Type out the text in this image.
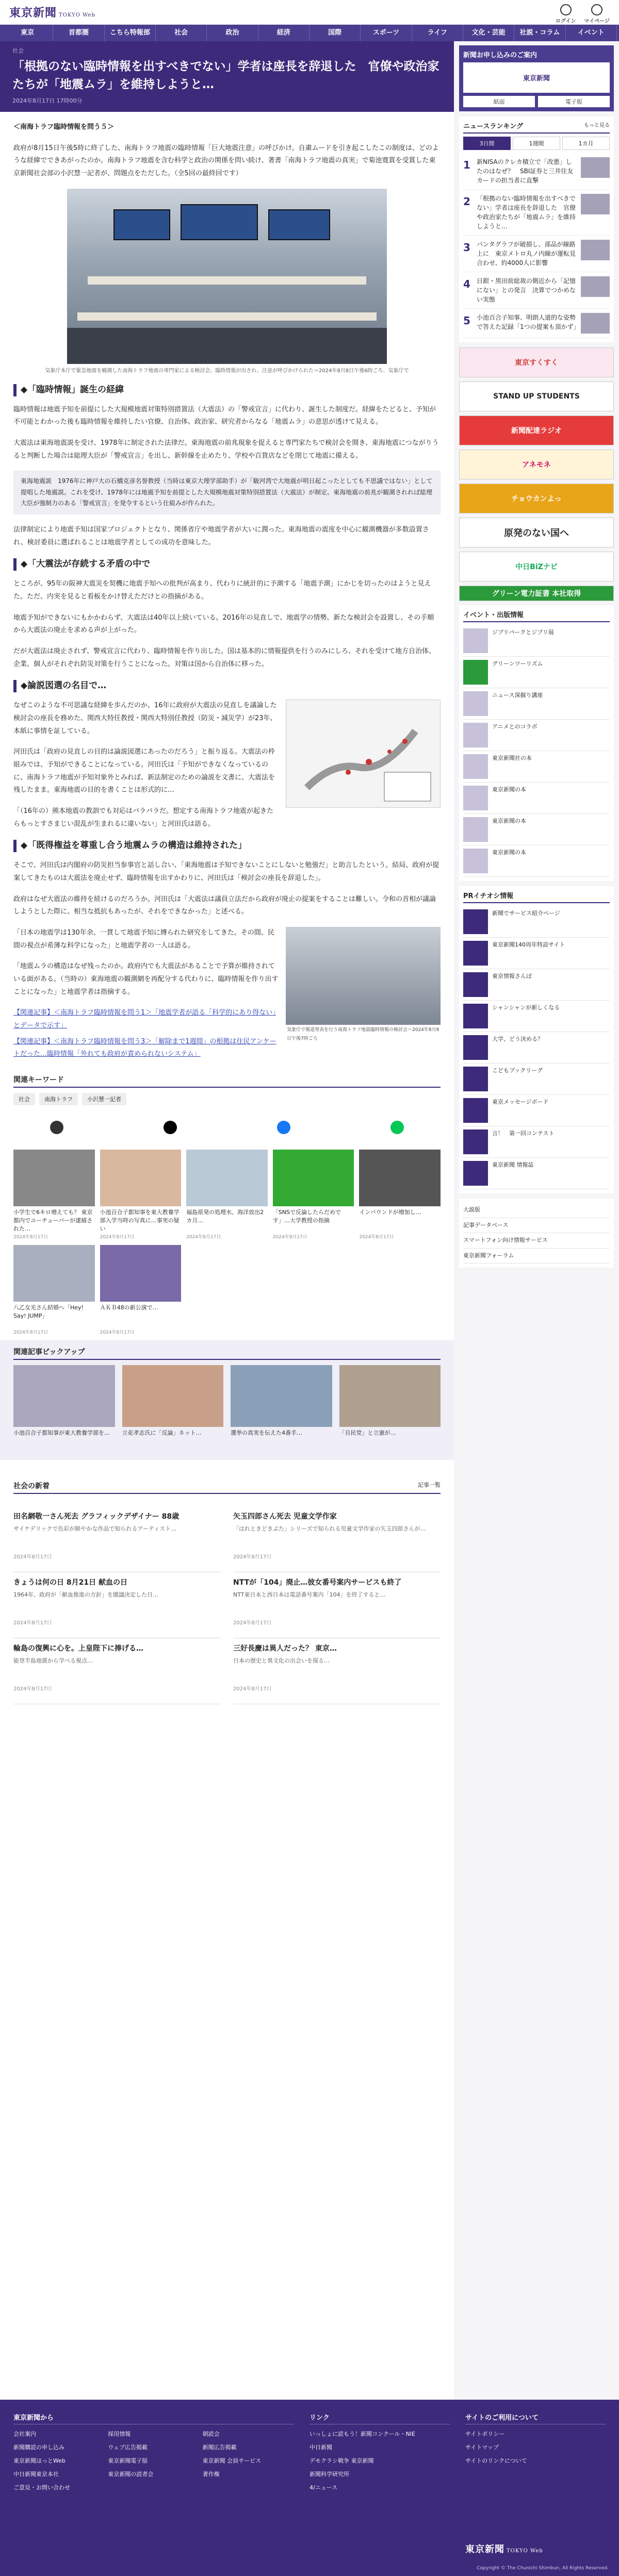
東京新聞 TOKYO Web
ログイン マイページ
東京	首都圏	こちら特報部	社会	政治	経済	国際	スポーツ	ライフ	文化・芸能	社説・コラム	イベント
社会
「根拠のない臨時情報を出すべきでない」学者は座長を辞退した　官僚や政治家たちが「地震ムラ」を維持しようと…
2024年8月17日 17時00分

＜南海トラフ臨時情報を問う５＞

政府が8月15日午後5時に終了した、南海トラフ地震の臨時情報「巨大地震注意」の呼びかけ。自粛ムードを引き起こしたこの制度は、どのような経緯でできあがったのか。南海トラフ地震を含む科学と政治の関係を問い続け、著書「南海トラフ地震の真実」で菊池寛賞を受賞した東京新聞社会部の小沢慧一記者が、問題点をただした。（全5回の最終回です）

気象庁本庁で緊急地震を観測した南海トラフ地震の専門家による検討会。臨時情報が出され、注意が呼びかけられた＝2024年8月8日午後6時ごろ、気象庁で

◆「臨時情報」誕生の経緯

臨時情報は地震予知を前提にした大規模地震対策特別措置法（大震法）の「警戒宣言」に代わり、誕生した制度だ。経緯をたどると、予知が不可能とわかった後も臨時情報を維持したい官僚、自治体、政治家、研究者からなる「地震ムラ」の意思が透けて見える。

大震法は東海地震説を受け、1978年に制定された法律だ。東海地震の前兆現象を捉えると専門家たちで検討会を開き、東海地震につながりうると判断した場合は総理大臣が「警戒宣言」を出し、新幹線を止めたり、学校や百貨店などを閉じて地震に備える。

東海地震説　1976年に神戸大の石橋克彦名誉教授（当時は東京大理学部助手）が「駿河湾で大地震が明日起こったとしても不思議ではない」として提唱した地震説。これを受け、1978年には地震予知を前提とした大規模地震対策特別措置法（大震法）が制定。東海地震の前兆が観測されれば総理大臣が強制力のある「警戒宣言」を発令するという仕組みが作られた。

法律制定により地震予知は国家プロジェクトとなり、関係省庁や地震学者が大いに潤った。東海地震の震度を中心に観測機器が多数設置され、検討委員に選ばれることは地震学者としての成功を意味した。

◆「大震法が存続する矛盾の中で

ところが、95年の阪神大震災を契機に地震予知への批判が高まり、代わりに統計的に予測する「地震予測」にかじを切ったのはようと見えた。ただ、内実を見ると看板をかけ替えただけとの指摘がある。

地震予知ができないにもかかわらず、大震法は40年以上続いている。2016年の見直しで、地震学の情勢、新たな検討会を設置し、その手順から大震法の廃止を求める声が上がった。

だが大震法は廃止されず、警戒宣言に代わり、臨時情報を作り出した。国は基本的に情報提供を行うのみにしろ、それを受けて地方自治体、企業、個人がそれぞれ防災対策を行うことになった。対策は国から自治体に移った。

◆論説図選の名目で…

なぜこのような不可思議な経緯を歩んだのか。16年に政府が大震法の見直しを議論した検討会の座長を務めた、関西大特任教授・関西大特別任教授（防災・減災学）が23年、本紙に事情を証している。

河田氏は「政府の見直しの目的は論説図選にあったのだろう」と振り返る。大震法の枠組みでは、予知ができることになっている。河田氏は「予知ができなくなっているのに、南海トラフ地震が予知対象外とみれば、新法制定のための論説を文書に、大震法を残したまま。東海地震の目的を書くことは形式的に…

「（16年の）熊本地震の教訓でも対応はバラバラだ。想定する南海トラフ地震が起きたらもっとすさまじい混乱が生まれるに違いない」と河田氏は語る。

◆「既得権益を尊重し合う地震ムラの構造は維持された」

そこで、河田氏は内閣府の防災担当参事官と話し合い、「東海地震は予知できないことにしないと勉強だ」と助言したという。結局、政府が提案してきたものは大震法を廃止せず、臨時情報を出すかわりに、河田氏は「検討会の座長を辞退した」。

政府はなぜ大震法の維持を続けるのだろうか。河田氏は「大震法は議員立法だから政府が廃止の提案をすることは難しい。令和の首相が議論しようとした際に、相当な抵抗もあったが、それをできなかった」と述べる。

気象庁で報道発表を行う南海トラフ地震臨時情報の検討会＝2024年8月8日午後7時ごろ

「日本の地震学は130年余、一貫して地震予知に縛られた研究をしてきた。その間、民間の視点が希薄な科学になった」と地震学者の一人は語る。

「地震ムラの構造はなぜ残ったのか。政府内でも大震法があることで予算が維持されている面がある。（当時の）東海地震の観測網を再配分する代わりに、臨時情報を作り出すことになった」と地震学者は指摘する。

【関連記事】＜南海トラフ臨時情報を問う1＞「地震学者が語る「科学的にあり得ない」とデータで示す」
【関連記事】＜南海トラフ臨時情報を問う3＞「解除まで1週間」の根拠は住民アンケートだった…臨時情報「外れても政府が責められないシステム」
関連キーワード
社会	南海トラフ	小沢慧一記者
小学生で6キロ増えても？ 東京都内でユーチューバーが逮捕された…
2024年8月17日
小池百合子都知事を東大教養学部入学当時の写真に…事実の疑い
2024年8月17日
福島原発の処理水、海洋放出2カ月…
2024年8月17日
「SNSで反論したらだめです」…大学教授の指摘
2024年8月17日
インバウンドが増加し…
2024年8月17日
八乙女光さん結婚へ「Hey! Say! JUMP」
2024年8月17日
ＡＫＢ48の新公演で…
2024年8月17日
関連記事ピックアップ
小池百合子都知事が東大教養学部を…	立花孝志氏に「反論」ネット…	選挙の真実を伝えた4番手…	「自民党」と立憲が…
社会の新着	記事一覧
田名網敬一さん死去 グラフィックデザイナー 88歳

サイケデリックで色彩が鮮やかな作品で知られるアーティスト…

2024年8月17日
矢玉四郎さん死去 児童文学作家

「はれときどきぶた」シリーズで知られる児童文学作家の矢玉四郎さんが…

2024年8月17日
きょうは何の日 8月21日 献血の日

1964年、政府が「献血推進の方針」を閣議決定した日…

2024年8月17日
NTTが「104」廃止…彼女番号案内サービスも終了

NTT東日本と西日本は電話番号案内「104」を終了すると…

2024年8月17日
輪島の復興に心を。上皇陛下に捧げる…

能登半島地震から学べる視点…

2024年8月17日
三好長慶は異人だった？ 東京…

日本の歴史と異文化の出会いを探る…

2024年8月17日
新聞お申し込みのご案内
東京新聞
紙面	電子版
ニュースランキング	もっと見る
3日間	1週間	1カ月
1	新NISAのクレカ積立で「改悪」したのはなぜ？　SBI証券と三井住友カードの担当者に直撃
2	「根拠のない臨時情報を出すべきでない」学者は座長を辞退した　官僚や政治家たちが「地震ムラ」を維持しようと…
3	パンタグラフが破損し、部品が線路上に　東京メトロ丸ノ内線が運転見合わせ、約4000人に影響
4	日銀・黒田前総裁の側近から「記憶にない」との発言　決算でつかめない実態
5	小池百合子知事、明朗人道的な姿勢で答えた記録「1つの提案も頂かず」
東京すくすく
STAND UP STUDENTS
新聞配達ラジオ
アネモネ
チョウカンよっ
原発のない国へ
中日BiZナビ
グリーン電力証書 本社取得
イベント・出版情報
ジブリパークとジブリ展
グリーンツーリズム
ニュース深掘り講座
アニメとのコラボ
東京新聞社の本
東京新聞の本
東京新聞の本
東京新聞の本
PRイチオシ情報
新聞でサービス紹介ページ
東京新聞140周年特設サイト
東京情報さんぽ
シャンシャンが新しくなる
大学、どう決める？
こどもブックリーグ
東京メッセージボード
言！　第一回コンテスト
東京新聞 情報誌
大説版
記事データベース
スマートフォン向け情報サービス
東京新聞フォーラム
東京新聞から
会社案内	採用情報	朝読会
新聞購読の申し込み	ウェブ広告掲載	新聞広告掲載
東京新聞ほっとWeb	東京新聞電子版	東京新聞 会員サービス
中日新聞東京本社	東京新聞の読者会	著作権
ご意見・お問い合わせ
リンク
いっしょに読もう！新聞コンクール・NIE
中日新聞
デモクラシ戦争 東京新聞
新聞科学研究所
4/ニュース
サイトのご利用について
サイトポリシー
サイトマップ
サイトのリンクについて
東京新聞 TOKYO Web
Copyright © The Chunichi Shimbun, All Rights Reserved.
